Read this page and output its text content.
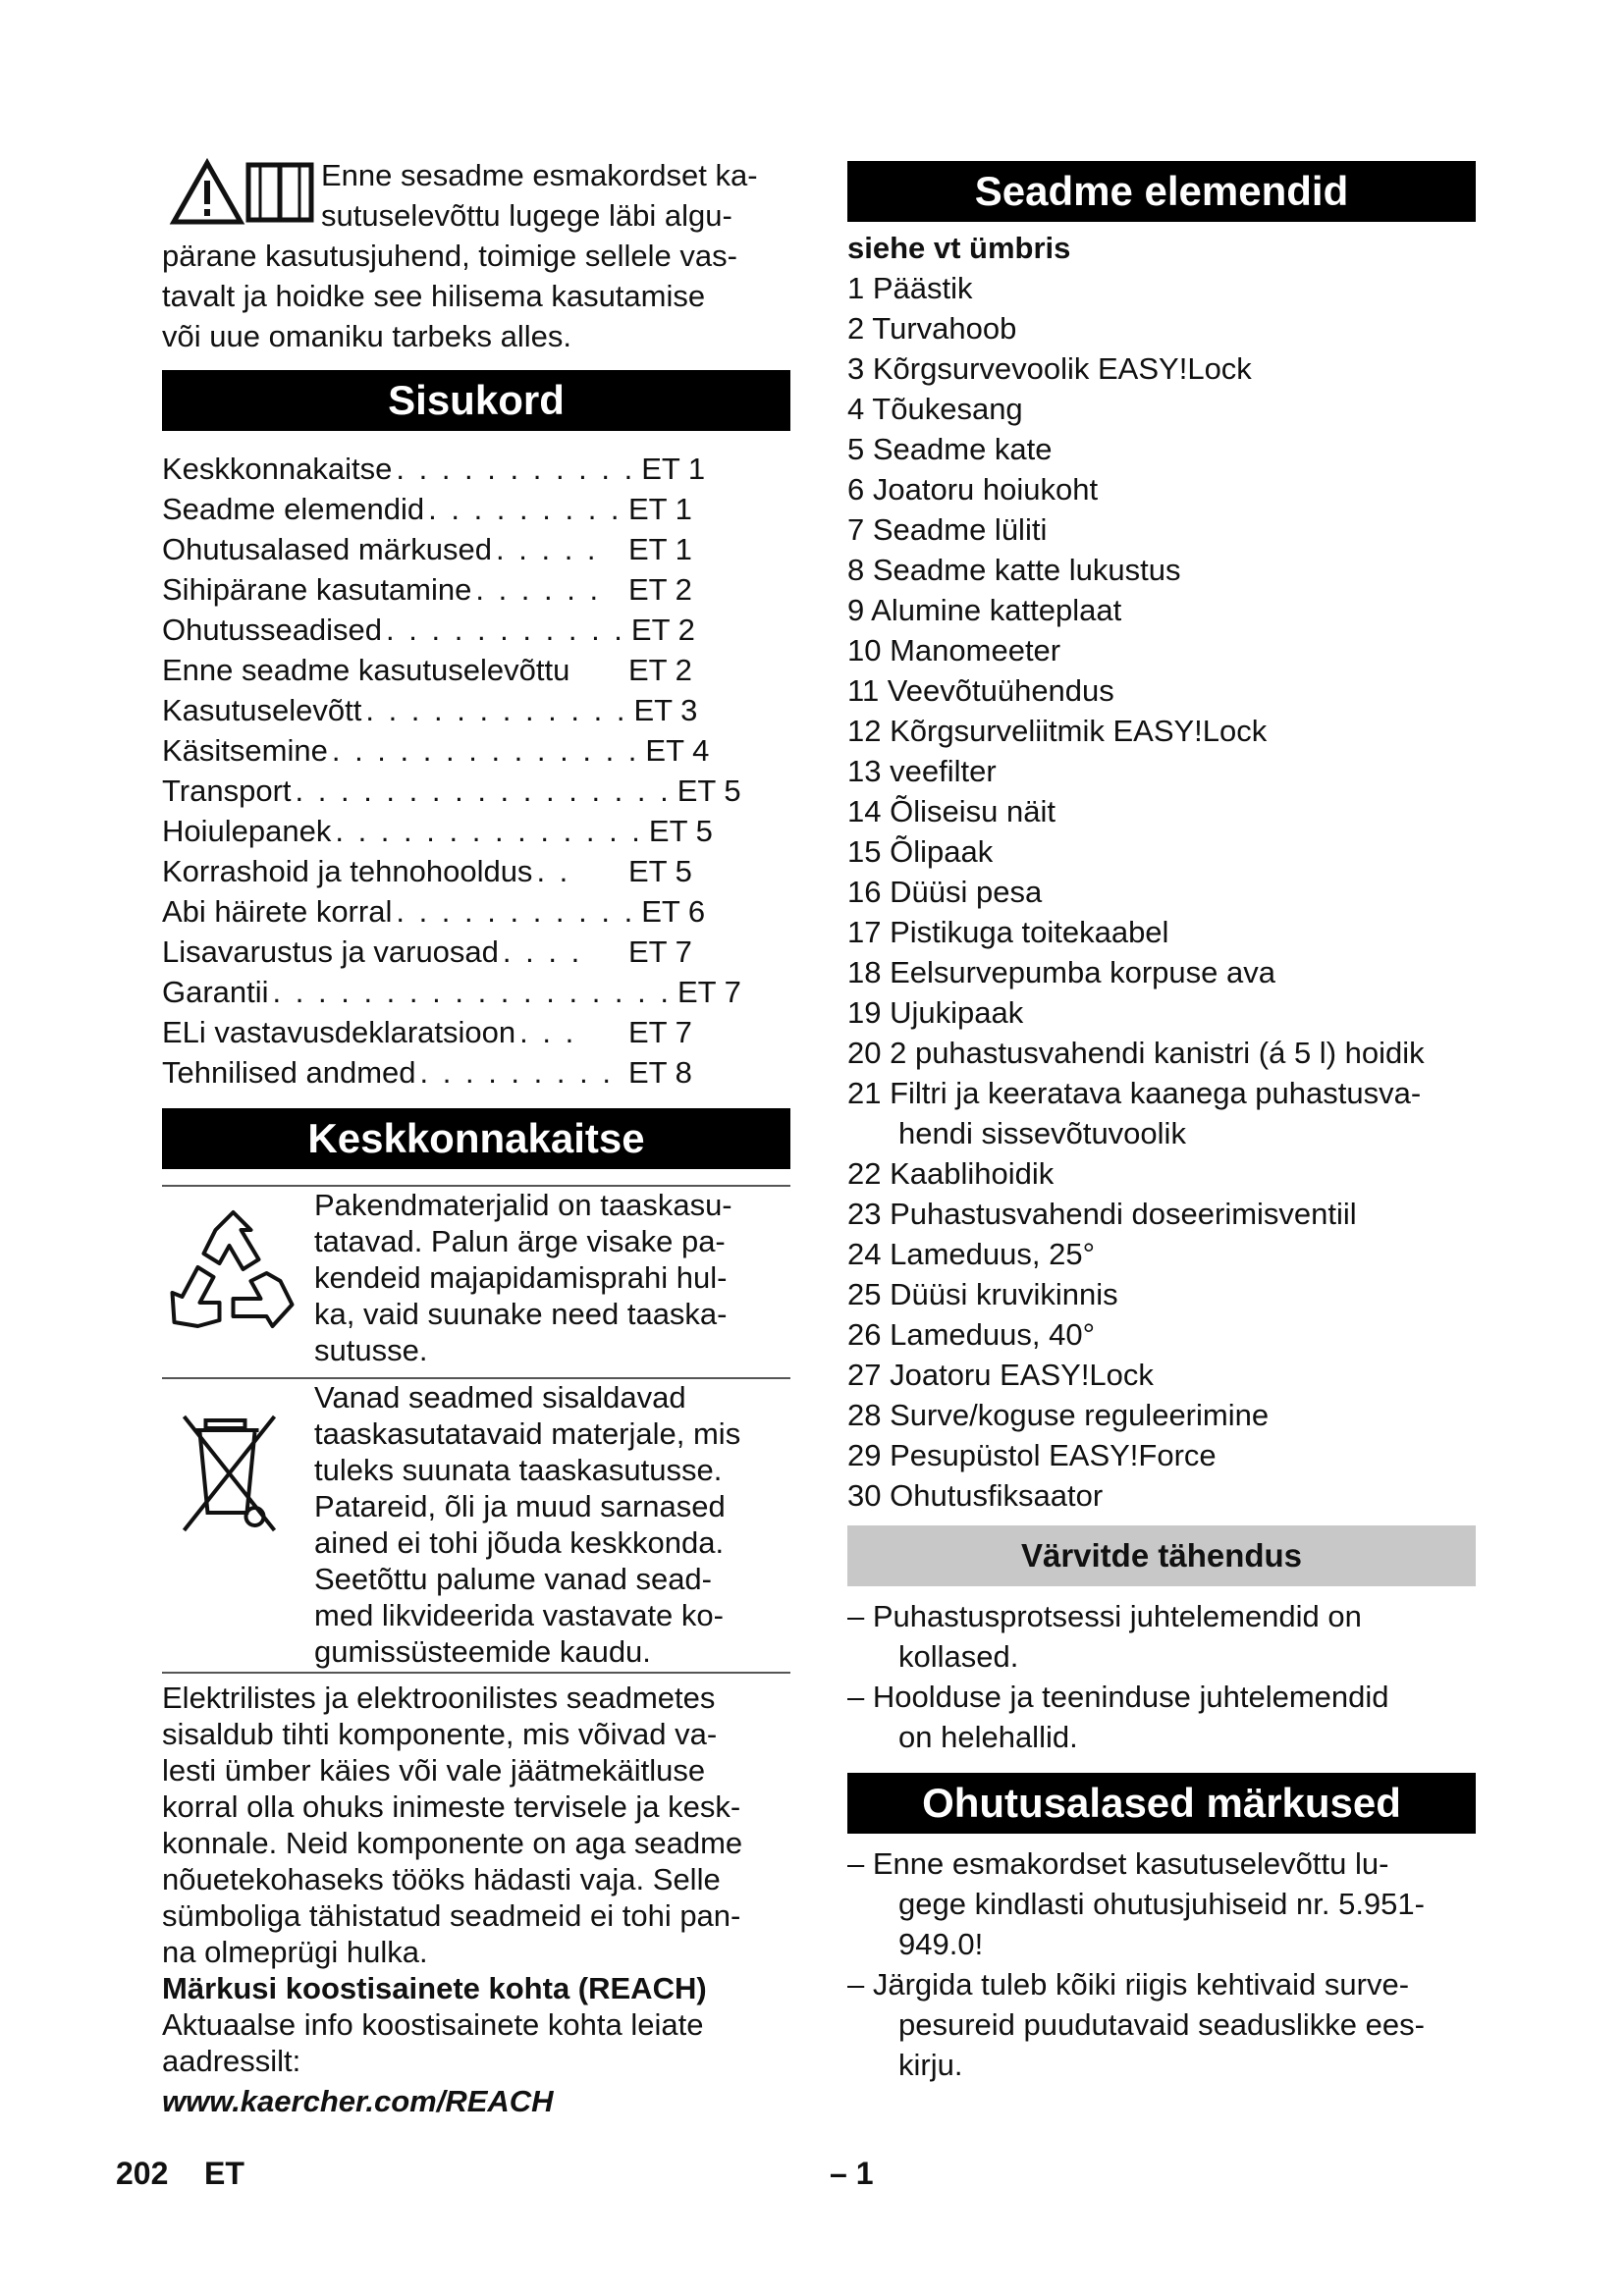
Enne sesadme esmakordset ka-
sutuselevõttu lugege läbi algu-
pärane kasutusjuhend, toimige sellele vas-
tavalt ja hoidke see hilisema kasutamise
või uue omaniku tarbeks alles.
Sisukord
Keskkonnakaitse . . . . . . . . . . . ET 1
Seadme elemendid . . . . . . . . . ET 1
Ohutusalased märkused . . . . . ET 1
Sihipärane kasutamine . . . . . . ET 2
Ohutusseadised . . . . . . . . . . . ET 2
Enne seadme kasutuselevõttu ET 2
Kasutuselevõtt . . . . . . . . . . . . ET 3
Käsitsemine . . . . . . . . . . . . . . ET 4
Transport . . . . . . . . . . . . . . . . . ET 5
Hoiulepanek . . . . . . . . . . . . . . ET 5
Korrashoid ja tehnohooldus . .	ET 5
Abi häirete korral . . . . . . . . . . . ET 6
Lisavarustus ja varuosad . . . .	ET 7
Garantii . . . . . . . . . . . . . . . . . . ET 7
ELi vastavusdeklaratsioon . . .	ET 7
Tehnilised andmed . . . . . . . . . ET 8
Keskkonnakaitse
Pakendmaterjalid on taaskasu-
tatavad. Palun ärge visake pa-
kendeid majapidamisprahi hul-
ka, vaid suunake need taaska-
sutusse.
Vanad seadmed sisaldavad
taaskasutatavaid materjale, mis
tuleks suunata taaskasutusse.
Patareid, õli ja muud sarnased
ained ei tohi jõuda keskkonda.
Seetõttu palume vanad sead-
med likvideerida vastavate ko-
gumissüsteemide kaudu.
Elektrilistes ja elektroonilistes seadmetes
sisaldub tihti komponente, mis võivad va-
lesti ümber käies või vale jäätmekäitluse
korral olla ohuks inimeste tervisele ja kesk-
konnale. Neid komponente on aga seadme
nõuetekohaseks tööks hädasti vaja. Selle
sümboliga tähistatud seadmeid ei tohi pan-
na olmeprügi hulka.
Märkusi koostisainete kohta (REACH)
Aktuaalse info koostisainete kohta leiate
aadressilt:
www.kaercher.com/REACH
Seadme elemendid
siehe vt ümbris
1 Päästik
2 Turvahoob
3 Kõrgsurvevoolik EASY!Lock
4 Tõukesang
5 Seadme kate
6 Joatoru hoiukoht
7 Seadme lüliti
8 Seadme katte lukustus
9 Alumine katteplaat
10 Manomeeter
11 Veevõtuühendus
12 Kõrgsurveliitmik EASY!Lock
13 veefilter
14 Õliseisu näit
15 Õlipaak
16 Düüsi pesa
17 Pistikuga toitekaabel
18 Eelsurvepumba korpuse ava
19 Ujukipaak
20 2 puhastusvahendi kanistri (á 5 l) hoidik
21 Filtri ja keeratava kaanega puhastusva-
hendi sissevõtuvoolik
22 Kaablihoidik
23 Puhastusvahendi doseerimisventiil
24 Lameduus, 25°
25 Düüsi kruvikinnis
26 Lameduus, 40°
27 Joatoru EASY!Lock
28 Surve/koguse reguleerimine
29 Pesupüstol EASY!Force
30 Ohutusfiksaator
Värvitde tähendus
– Puhastusprotsessi juhtelemendid on
kollased.
– Hoolduse ja teeninduse juhtelemendid
on helehallid.
Ohutusalased märkused
– Enne esmakordset kasutuselevõttu lu-
gege kindlasti ohutusjuhiseid nr. 5.951-
949.0!
– Järgida tuleb kõiki riigis kehtivaid surve-
pesureid puudutavaid seaduslikke ees-
kirju.
202 ET	– 1
